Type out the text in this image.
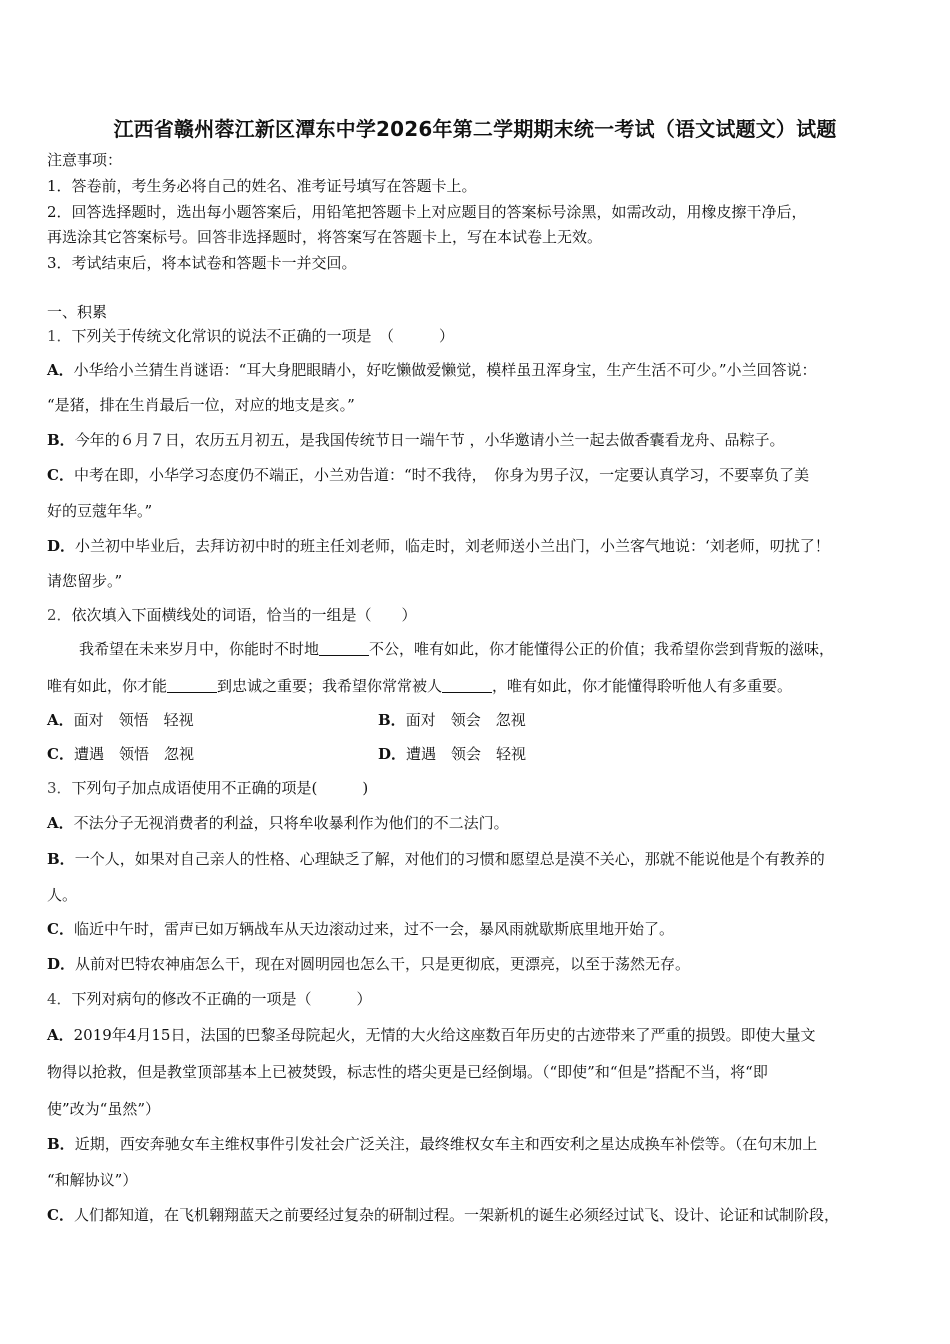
江西省赣州蓉江新区潭东中学2026年第二学期期末统一考试（语文试题文）试题
注意事项：
1．答卷前，考生务必将自己的姓名、准考证号填写在答题卡上。
2．回答选择题时，选出每小题答案后，用铅笔把答题卡上对应题目的答案标号涂黑，如需改动，用橡皮擦干净后，
再选涂其它答案标号。回答非选择题时，将答案写在答题卡上，写在本试卷上无效。
3．考试结束后，将本试卷和答题卡一并交回。
一、积累
1．下列关于传统文化常识的说法不正确的一项是　（　　　）
A．小华给小兰猜生肖谜语：“耳大身肥眼睛小，好吃懒做爱懒觉，模样虽丑浑身宝，生产生活不可少。”小兰回答说：
“是猪，排在生肖最后一位，对应的地支是亥。”
B．今年的６月７日，农历五月初五，是我国传统节日一端午节 ，小华邀请小兰一起去做香囊看龙舟、品粽子。
C．中考在即，小华学习态度仍不端正，小兰劝告道：“时不我待，　你身为男子汉，一定要认真学习，不要辜负了美
好的豆蔻年华。”
D．小兰初中毕业后，去拜访初中时的班主任刘老师，临走时，刘老师送小兰出门，小兰客气地说：‘刘老师，叨扰了！
请您留步。”
2．依次填入下面横线处的词语，恰当的一组是（　　）
我希望在未来岁月中，你能时不时地	不公，唯有如此，你才能懂得公正的价值；我希望你尝到背叛的滋味，
唯有如此，你才能	到忠诚之重要；我希望你常常被人	，唯有如此，你才能懂得聆听他人有多重要。
A．面对　领悟　轻视	B．面对　领会　忽视
C．遭遇　领悟　忽视	D．遭遇　领会　轻视
3．下列句子加点成语使用不正确的项是(　　　)
A．不法分子无视消费者的利益，只将牟收暴利作为他们的不二法门。
B．一个人，如果对自己亲人的性格、心理缺乏了解，对他们的习惯和愿望总是漠不关心，那就不能说他是个有教养的
人。
C．临近中午时，雷声已如万辆战车从天边滚动过来，过不一会，暴风雨就歇斯底里地开始了。
D．从前对巴特农神庙怎么干，现在对圆明园也怎么干，只是更彻底，更漂亮，以至于荡然无存。
4．下列对病句的修改不正确的一项是（　　　）
A．2019年4月15日，法国的巴黎圣母院起火，无情的大火给这座数百年历史的古迹带来了严重的损毁。即使大量文
物得以抢救，但是教堂顶部基本上已被焚毁，标志性的塔尖更是已经倒塌。（“即使”和“但是”搭配不当，将“即
使”改为“虽然”）
B．近期，西安奔驰女车主维权事件引发社会广泛关注，最终维权女车主和西安利之星达成换车补偿等。（在句末加上
“和解协议”）
C．人们都知道，在飞机翱翔蓝天之前要经过复杂的研制过程。一架新机的诞生必须经过试飞、设计、论证和试制阶段，
